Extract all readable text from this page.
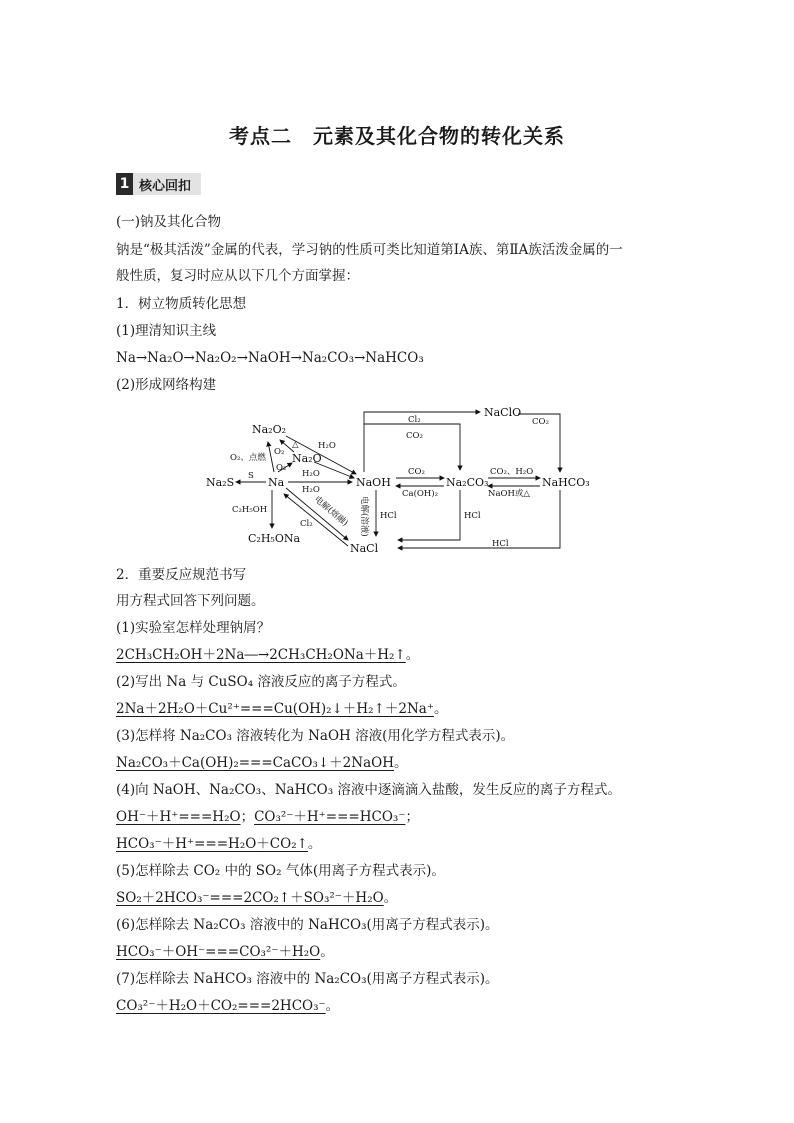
考点二　元素及其化合物的转化关系
1 核心回扣
(一)钠及其化合物
钠是“极其活泼”金属的代表，学习钠的性质可类比知道第ⅠA族、第ⅡA族活泼金属的一
般性质，复习时应从以下几个方面掌握：
1．树立物质转化思想
(1)理清知识主线
Na→Na₂O→Na₂O₂→NaOH→Na₂CO₃→NaHCO₃
(2)形成网络构建
Na₂O₂
Na₂O
Na
Na₂S	NaOH	Na₂CO₃	NaHCO₃
NaClO
NaCl
C₂H₅OH
C₂H₅ONa
Cl₂
CO₂
CO₂
O₂、点燃
O₂
O₂
△
S
H₂O
H₂O
H₂O
CO₂
Ca(OH)₂
CO₂、H₂O
NaOH或△
电解(溶液)
电解(熔融)
Cl₂
HCl	HCl
HCl
2．重要反应规范书写
用方程式回答下列问题。
(1)实验室怎样处理钠屑？
2CH₃CH₂OH＋2Na―→2CH₃CH₂ONa＋H₂↑。
(2)写出 Na 与 CuSO₄ 溶液反应的离子方程式。
2Na＋2H₂O＋Cu²⁺===Cu(OH)₂↓＋H₂↑＋2Na⁺。
(3)怎样将 Na₂CO₃ 溶液转化为 NaOH 溶液(用化学方程式表示)。
Na₂CO₃＋Ca(OH)₂===CaCO₃↓＋2NaOH。
(4)向 NaOH、Na₂CO₃、NaHCO₃ 溶液中逐滴滴入盐酸，发生反应的离子方程式。
OH⁻＋H⁺===H₂O；CO₃²⁻＋H⁺===HCO₃⁻；
HCO₃⁻＋H⁺===H₂O＋CO₂↑。
(5)怎样除去 CO₂ 中的 SO₂ 气体(用离子方程式表示)。
SO₂＋2HCO₃⁻===2CO₂↑＋SO₃²⁻＋H₂O。
(6)怎样除去 Na₂CO₃ 溶液中的 NaHCO₃(用离子方程式表示)。
HCO₃⁻＋OH⁻===CO₃²⁻＋H₂O。
(7)怎样除去 NaHCO₃ 溶液中的 Na₂CO₃(用离子方程式表示)。
CO₃²⁻＋H₂O＋CO₂===2HCO₃⁻。
